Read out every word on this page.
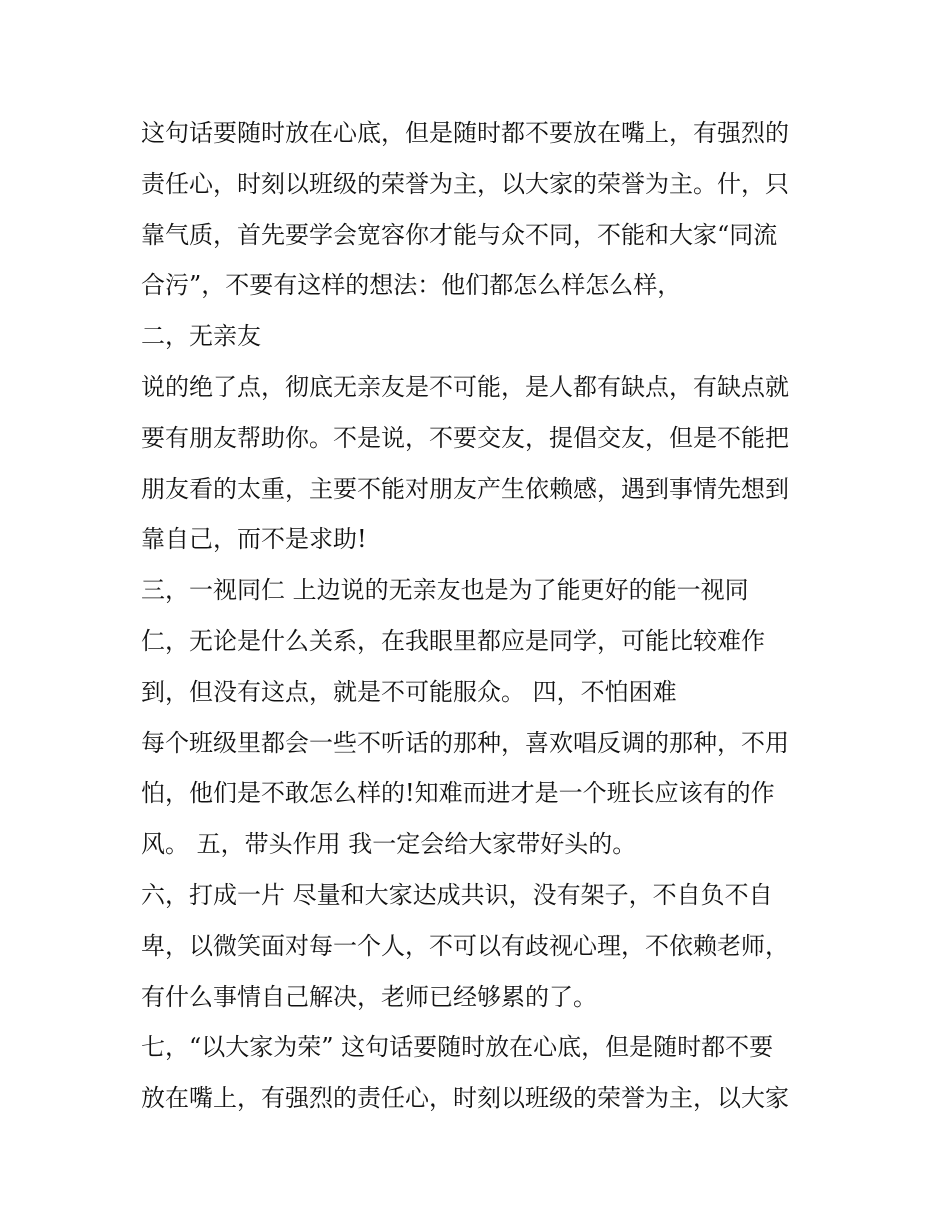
这句话要随时放在心底，但是随时都不要放在嘴上，有强烈的
责任心，时刻以班级的荣誉为主，以大家的荣誉为主。什，只
靠气质，首先要学会宽容你才能与众不同，不能和大家“同流
合污”，不要有这样的想法：他们都怎么样怎么样，
二，无亲友
说的绝了点，彻底无亲友是不可能，是人都有缺点，有缺点就
要有朋友帮助你。不是说，不要交友，提倡交友，但是不能把
朋友看的太重，主要不能对朋友产生依赖感，遇到事情先想到
靠自己，而不是求助!
三，一视同仁 上边说的无亲友也是为了能更好的能一视同
仁，无论是什么关系，在我眼里都应是同学，可能比较难作
到，但没有这点，就是不可能服众。 四，不怕困难
每个班级里都会一些不听话的那种，喜欢唱反调的那种，不用
怕，他们是不敢怎么样的!知难而进才是一个班长应该有的作
风。 五，带头作用 我一定会给大家带好头的。
六，打成一片 尽量和大家达成共识，没有架子，不自负不自
卑，以微笑面对每一个人，不可以有歧视心理，不依赖老师，
有什么事情自己解决，老师已经够累的了。
七，“以大家为荣” 这句话要随时放在心底，但是随时都不要
放在嘴上，有强烈的责任心，时刻以班级的荣誉为主，以大家
